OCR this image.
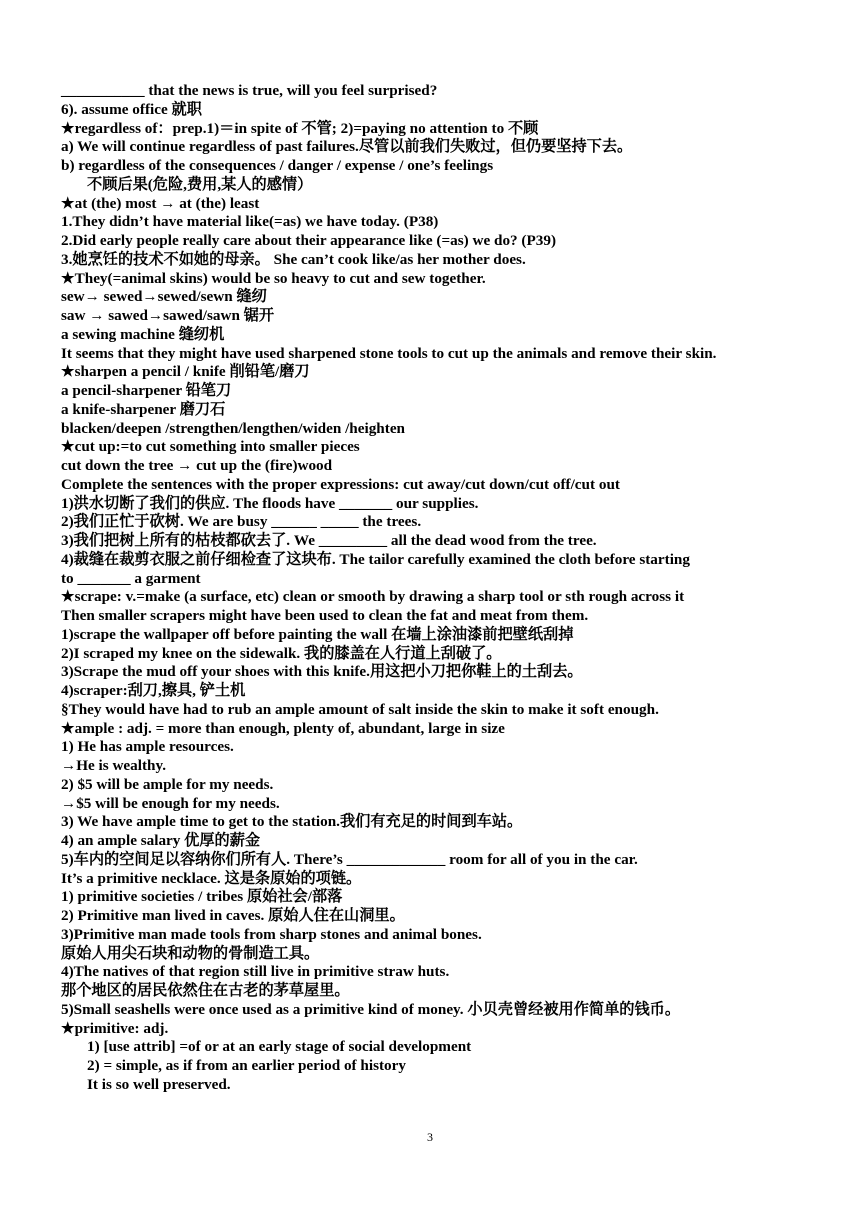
___________ that the news is true, will you feel surprised?
6). assume office 就职
★regardless of：prep.1)＝in spite of 不管; 2)=paying no attention to 不顾
a) We will continue regardless of past failures.尽管以前我们失败过，但仍要坚持下去。
b) regardless of the consequences / danger / expense / one’s feelings
不顾后果(危险,费用,某人的感情）
★at (the) most → at (the) least
1.They didn’t have material like(=as) we have today. (P38)
2.Did early people really care about their appearance like (=as) we do? (P39)
3.她烹饪的技术不如她的母亲。 She can’t cook like/as her mother does.
★They(=animal skins) would be so heavy to cut and sew together.
sew→ sewed→sewed/sewn 缝纫
saw → sawed→sawed/sawn 锯开
a sewing machine 缝纫机
It seems that they might have used sharpened stone tools to cut up the animals and remove their skin.
★sharpen a pencil / knife 削铅笔/磨刀
a pencil-sharpener 铅笔刀
a knife-sharpener 磨刀石
blacken/deepen /strengthen/lengthen/widen /heighten
★cut up:=to cut something into smaller pieces
cut down the tree → cut up the (fire)wood
Complete the sentences with the proper expressions: cut away/cut down/cut off/cut out
1)洪水切断了我们的供应. The floods have _______ our supplies.
2)我们正忙于砍树. We are busy ______ _____ the trees.
3)我们把树上所有的枯枝都砍去了. We _________ all the dead wood from the tree.
4)裁缝在裁剪衣服之前仔细检查了这块布. The tailor carefully examined the cloth before starting
to _______ a garment
★scrape: v.=make (a surface, etc) clean or smooth by drawing a sharp tool or sth rough across it
Then smaller scrapers might have been used to clean the fat and meat from them.
1)scrape the wallpaper off before painting the wall 在墙上涂油漆前把壁纸刮掉
2)I scraped my knee on the sidewalk. 我的膝盖在人行道上刮破了。
3)Scrape the mud off your shoes with this knife.用这把小刀把你鞋上的土刮去。
4)scraper:刮刀,擦具, 铲土机
§They would have had to rub an ample amount of salt inside the skin to make it soft enough.
★ample : adj. = more than enough, plenty of, abundant, large in size
1) He has ample resources.
→He is wealthy.
2) $5 will be ample for my needs.
→$5 will be enough for my needs.
3) We have ample time to get to the station.我们有充足的时间到车站。
4) an ample salary 优厚的薪金
5)车内的空间足以容纳你们所有人. There’s _____________ room for all of you in the car.
It’s a primitive necklace. 这是条原始的项链。
1) primitive societies / tribes 原始社会/部落
2) Primitive man lived in caves. 原始人住在山洞里。
3)Primitive man made tools from sharp stones and animal bones.
原始人用尖石块和动物的骨制造工具。
4)The natives of that region still live in primitive straw huts.
那个地区的居民依然住在古老的茅草屋里。
5)Small seashells were once used as a primitive kind of money. 小贝壳曾经被用作简单的钱币。
★primitive: adj.
1) [use attrib] =of or at an early stage of social development
2) = simple, as if from an earlier period of history
It is so well preserved.
3
